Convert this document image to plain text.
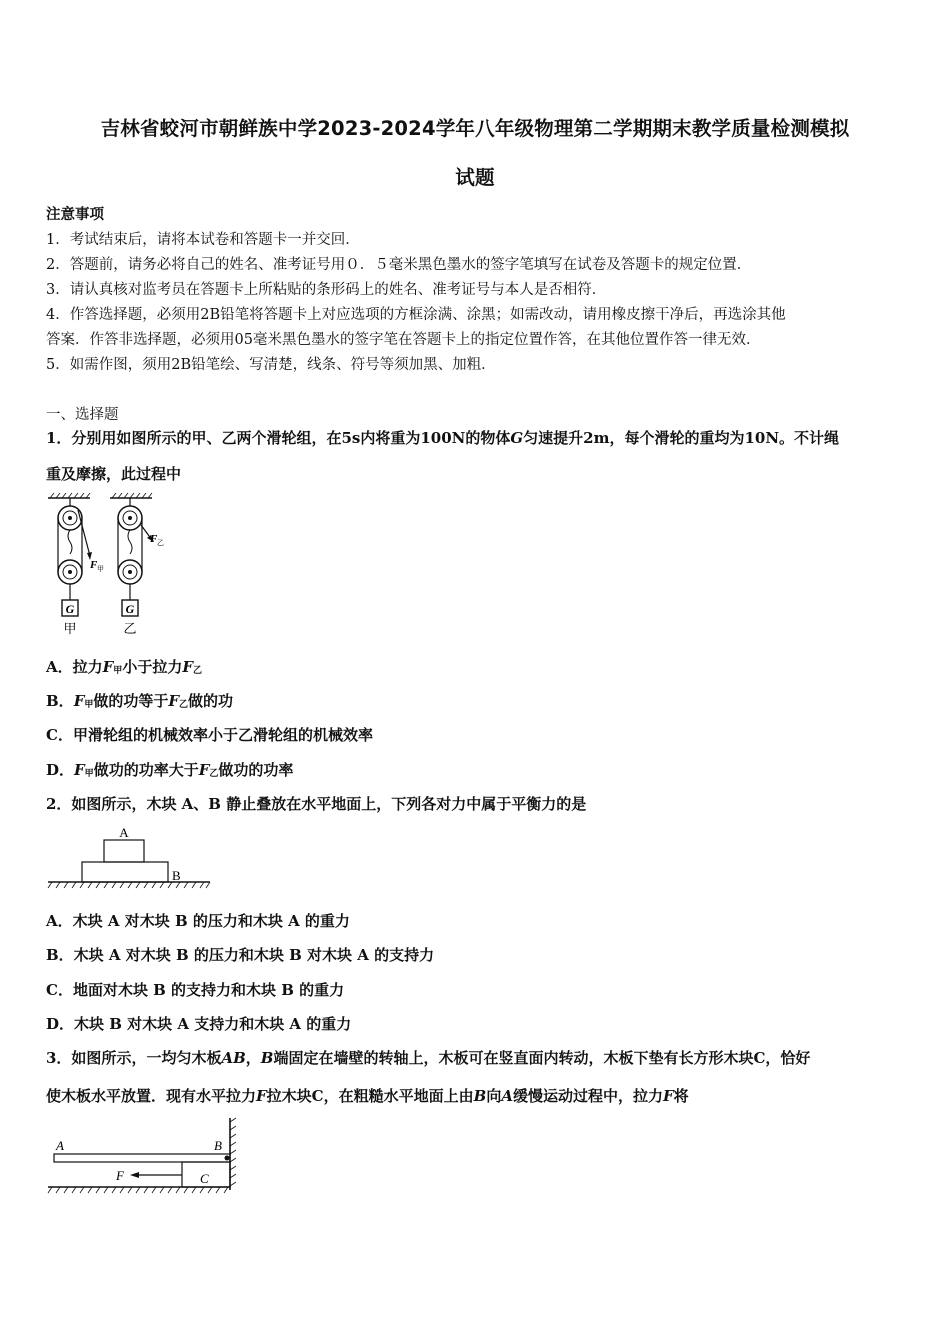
吉林省蛟河市朝鲜族中学2023-2024学年八年级物理第二学期期末教学质量检测模拟
试题
注意事项
1．考试结束后，请将本试卷和答题卡一并交回．
2．答题前，请务必将自己的姓名、准考证号用０．５毫米黑色墨水的签字笔填写在试卷及答题卡的规定位置．
3．请认真核对监考员在答题卡上所粘贴的条形码上的姓名、准考证号与本人是否相符．
4．作答选择题，必须用2B铅笔将答题卡上对应选项的方框涂满、涂黑；如需改动，请用橡皮擦干净后，再选涂其他
答案．作答非选择题，必须用05毫米黑色墨水的签字笔在答题卡上的指定位置作答，在其他位置作答一律无效．
5．如需作图，须用2B铅笔绘、写清楚，线条、符号等须加黑、加粗．
一、选择题
1．分别用如图所示的甲、乙两个滑轮组，在5s内将重为100N的物体G匀速提升2m，每个滑轮的重均为10N。不计绳
重及摩擦，此过程中
G
F 甲
甲
G
F 乙
乙
A．拉力$F_甲$小于拉力$F_乙$
B．$F_甲$做的功等于$F_乙$做的功
C．甲滑轮组的机械效率小于乙滑轮组的机械效率
D．$F_甲$做功的功率大于$F_乙$做功的功率
2．如图所示，木块 A、B 静止叠放在水平地面上，下列各对力中属于平衡力的是
A
B
A．木块 A 对木块 B 的压力和木块 A 的重力
B．木块 A 对木块 B 的压力和木块 B 对木块 A 的支持力
C．地面对木块 B 的支持力和木块 B 的重力
D．木块 B 对木块 A 支持力和木块 A 的重力
3．如图所示，一均匀木板AB，B端固定在墙壁的转轴上，木板可在竖直面内转动，木板下垫有长方形木块C，恰好
使木板水平放置．现有水平拉力F拉木块C，在粗糙水平地面上由B向A缓慢运动过程中，拉力F将
A	B
F	C
